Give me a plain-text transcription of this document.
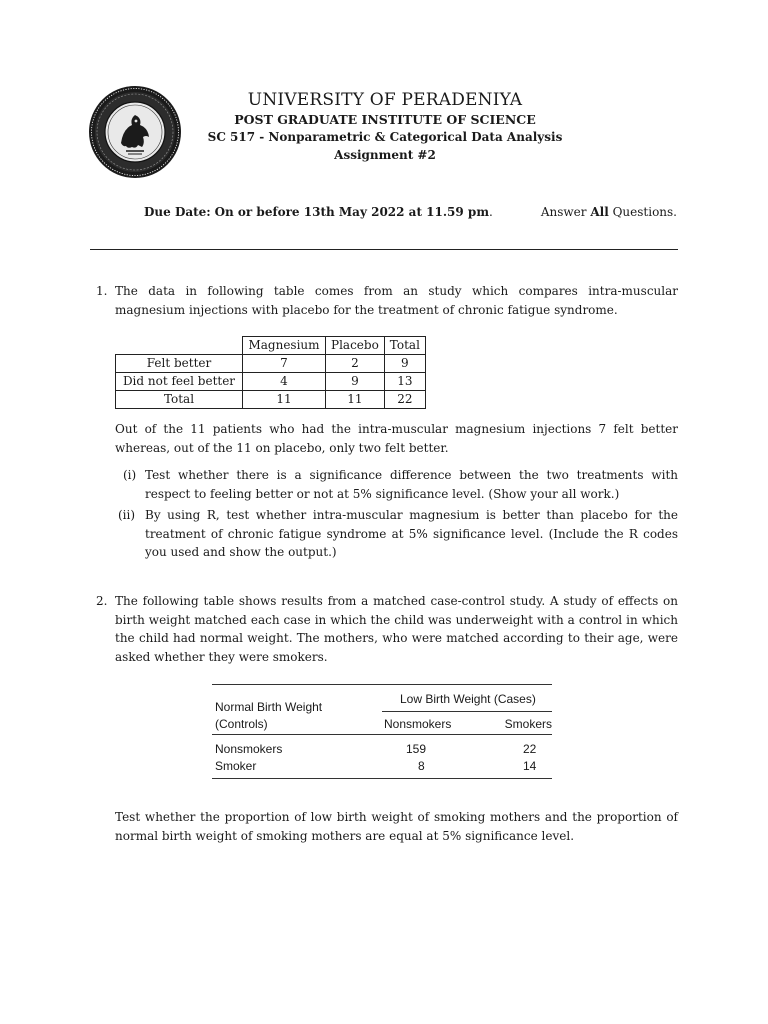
UNIVERSITY OF PERADENIYA
POST GRADUATE INSTITUTE OF SCIENCE
SC 517 - Nonparametric & Categorical Data Analysis
Assignment #2
Due Date: On or before 13th May 2022 at 11.59 pm.	Answer All Questions.
1. The data in following table comes from an study which compares intra-muscular magnesium injections with placebo for the treatment of chronic fatigue syndrome.
	Magnesium	Placebo	Total
Felt better	7	2	9
Did not feel better	4	9	13
Total	11	11	22
Out of the 11 patients who had the intra-muscular magnesium injections 7 felt better whereas, out of the 11 on placebo, only two felt better.
(i) Test whether there is a significance difference between the two treatments with respect to feeling better or not at 5% significance level. (Show your all work.)
(ii) By using R, test whether intra-muscular magnesium is better than placebo for the treatment of chronic fatigue syndrome at 5% significance level. (Include the R codes you used and show the output.)
2. The following table shows results from a matched case-control study. A study of effects on birth weight matched each case in which the child was underweight with a control in which the child had normal weight. The mothers, who were matched according to their age, were asked whether they were smokers.
Low Birth Weight (Cases)
Normal Birth Weight
(Controls)	Nonsmokers	Smokers
Nonsmokers	159	22
Smoker	8	14
Test whether the proportion of low birth weight of smoking mothers and the proportion of normal birth weight of smoking mothers are equal at 5% significance level.
